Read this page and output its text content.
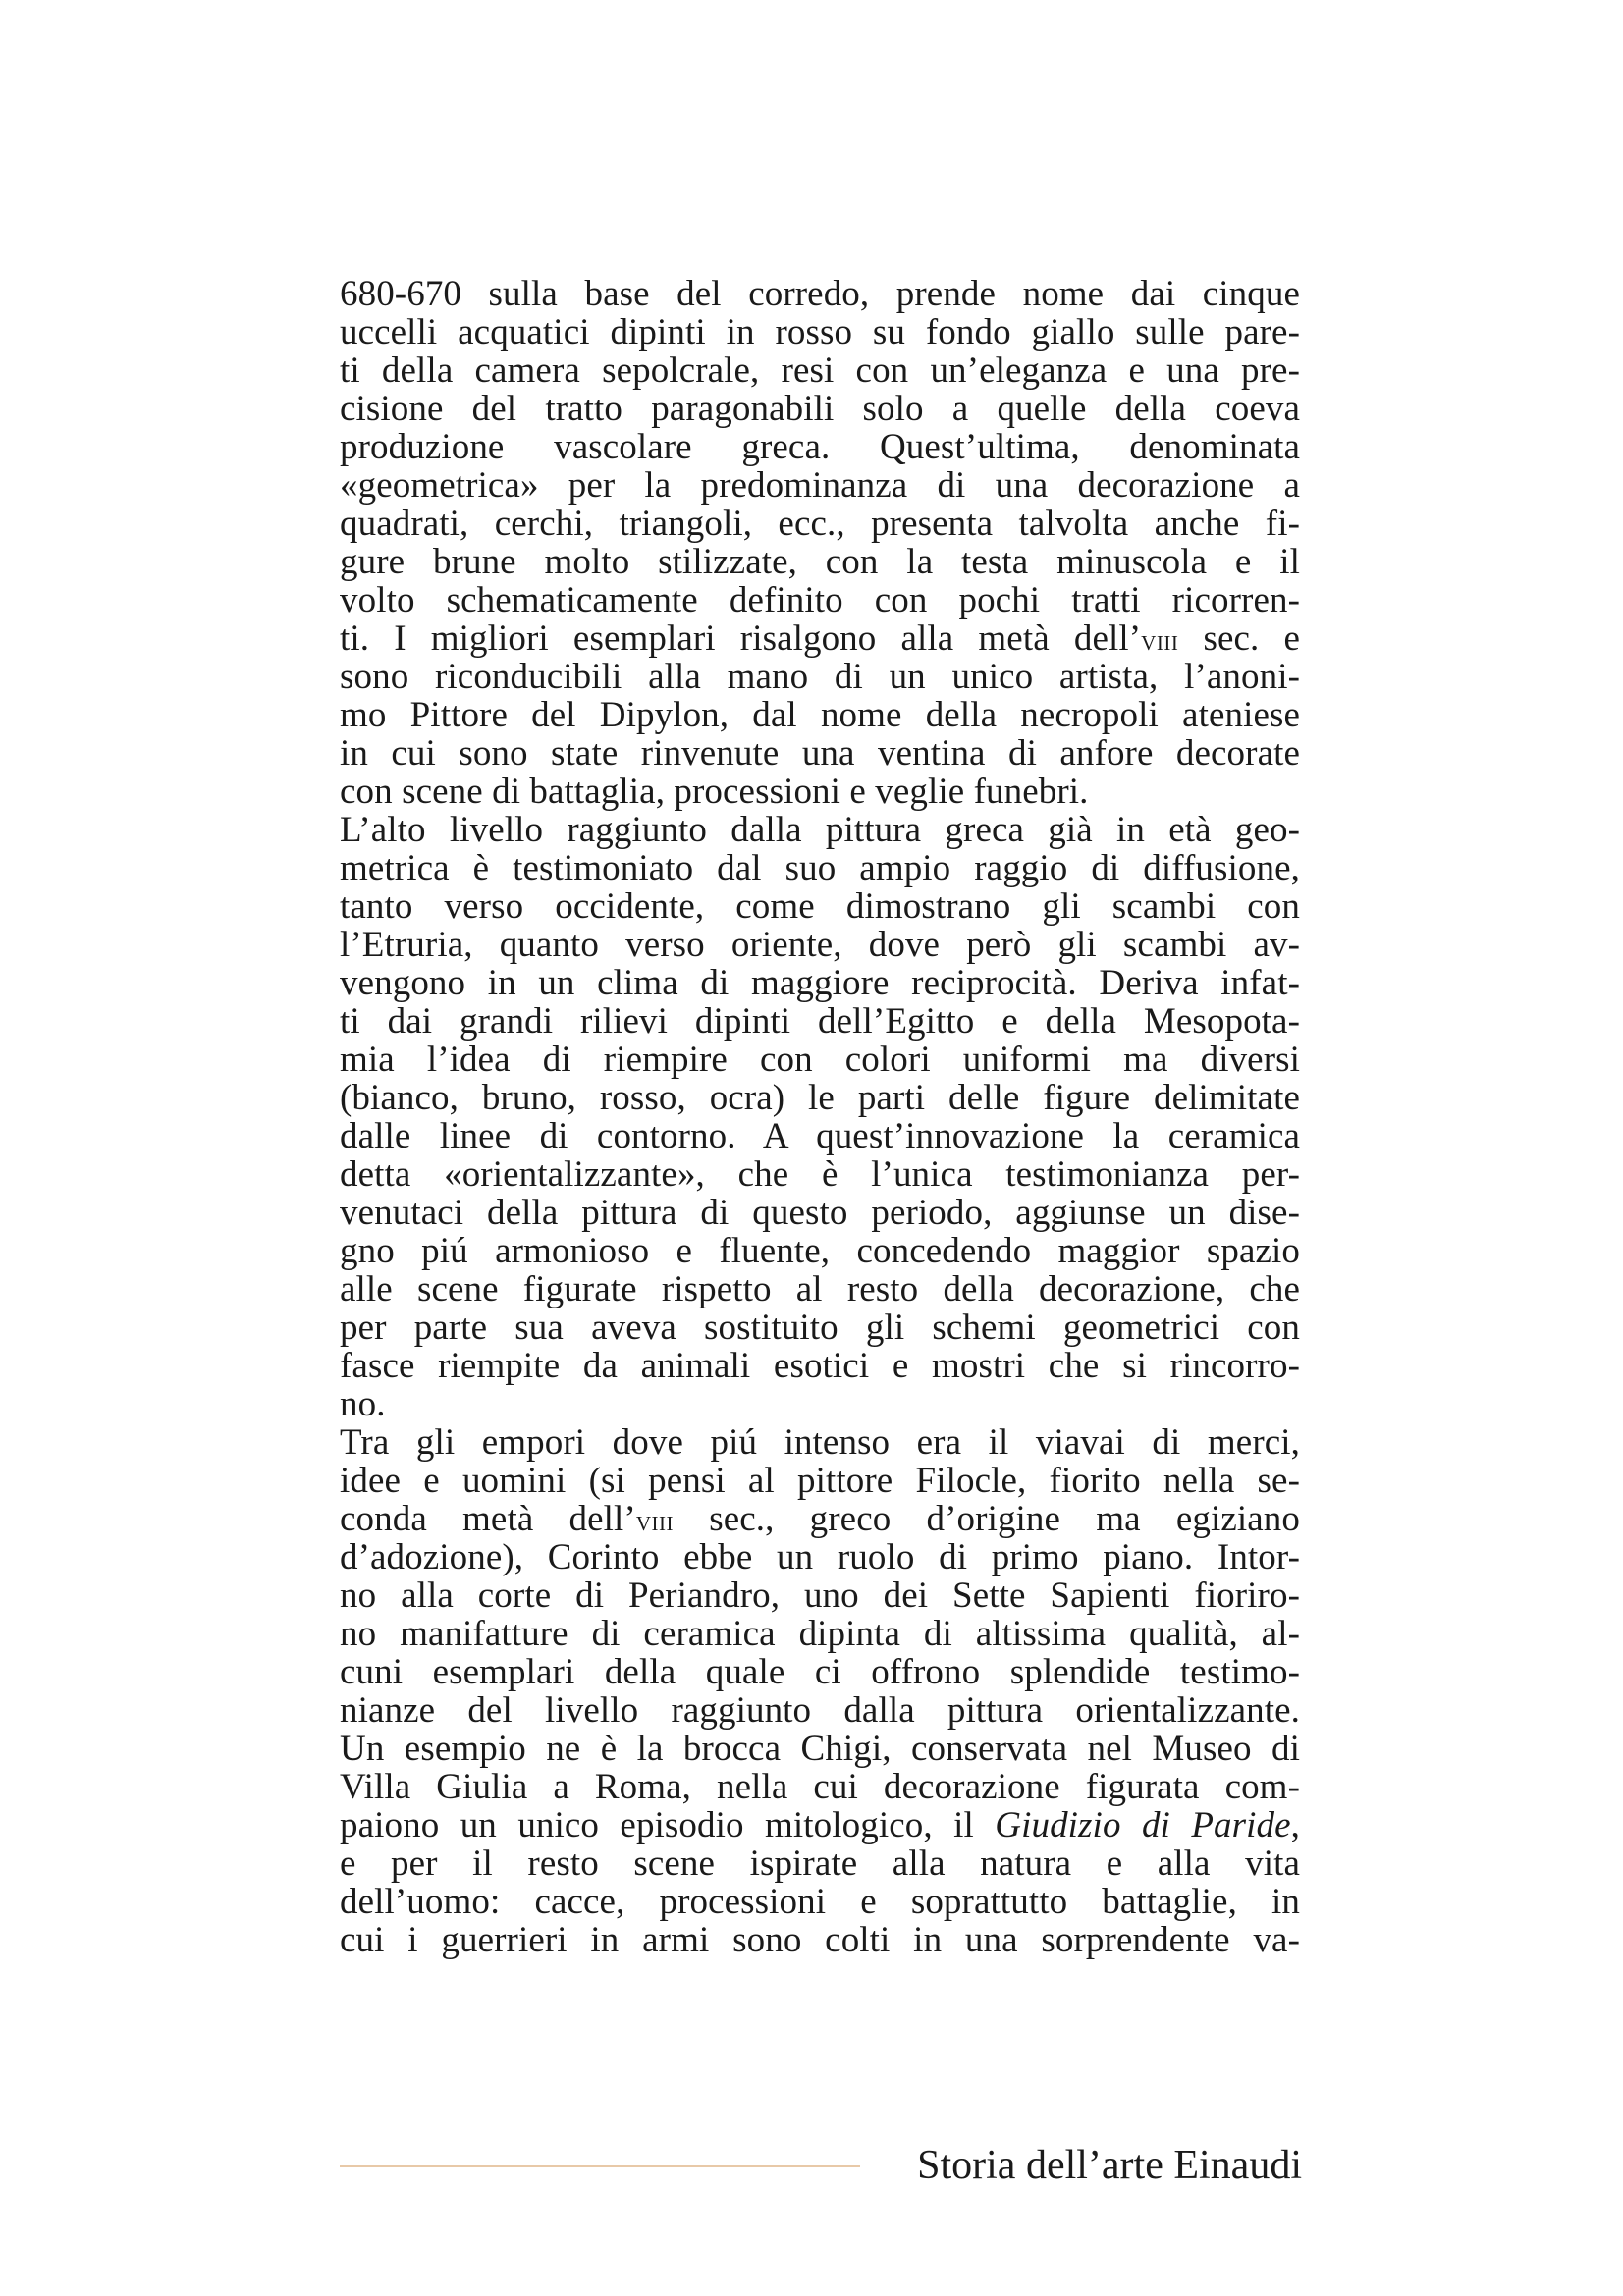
680-670 sulla base del corredo, prende nome dai cinque
uccelli acquatici dipinti in rosso su fondo giallo sulle pare-
ti della camera sepolcrale, resi con un’eleganza e una pre-
cisione del tratto paragonabili solo a quelle della coeva
produzione vascolare greca. Quest’ultima, denominata
«geometrica» per la predominanza di una decorazione a
quadrati, cerchi, triangoli, ecc., presenta talvolta anche fi-
gure brune molto stilizzate, con la testa minuscola e il
volto schematicamente definito con pochi tratti ricorren-
ti. I migliori esemplari risalgono alla metà dell’viii sec. e
sono riconducibili alla mano di un unico artista, l’anoni-
mo Pittore del Dipylon, dal nome della necropoli ateniese
in cui sono state rinvenute una ventina di anfore decorate
con scene di battaglia, processioni e veglie funebri.
L’alto livello raggiunto dalla pittura greca già in età geo-
metrica è testimoniato dal suo ampio raggio di diffusione,
tanto verso occidente, come dimostrano gli scambi con
l’Etruria, quanto verso oriente, dove però gli scambi av-
vengono in un clima di maggiore reciprocità. Deriva infat-
ti dai grandi rilievi dipinti dell’Egitto e della Mesopota-
mia l’idea di riempire con colori uniformi ma diversi
(bianco, bruno, rosso, ocra) le parti delle figure delimitate
dalle linee di contorno. A quest’innovazione la ceramica
detta «orientalizzante», che è l’unica testimonianza per-
venutaci della pittura di questo periodo, aggiunse un dise-
gno piú armonioso e fluente, concedendo maggior spazio
alle scene figurate rispetto al resto della decorazione, che
per parte sua aveva sostituito gli schemi geometrici con
fasce riempite da animali esotici e mostri che si rincorro-
no.
Tra gli empori dove piú intenso era il viavai di merci,
idee e uomini (si pensi al pittore Filocle, fiorito nella se-
conda metà dell’viii sec., greco d’origine ma egiziano
d’adozione), Corinto ebbe un ruolo di primo piano. Intor-
no alla corte di Periandro, uno dei Sette Sapienti fioriro-
no manifatture di ceramica dipinta di altissima qualità, al-
cuni esemplari della quale ci offrono splendide testimo-
nianze del livello raggiunto dalla pittura orientalizzante.
Un esempio ne è la brocca Chigi, conservata nel Museo di
Villa Giulia a Roma, nella cui decorazione figurata com-
paiono un unico episodio mitologico, il Giudizio di Paride,
e per il resto scene ispirate alla natura e alla vita
dell’uomo: cacce, processioni e soprattutto battaglie, in
cui i guerrieri in armi sono colti in una sorprendente va-
Storia dell’arte Einaudi
